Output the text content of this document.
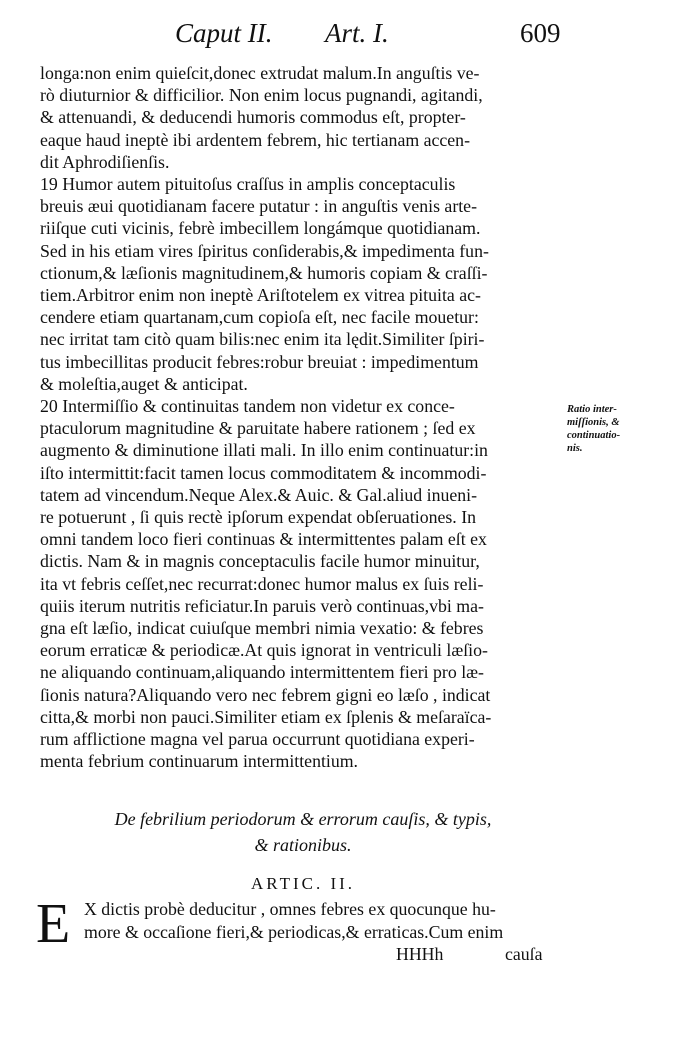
Caput II. Art. I.	609

longa:non enim quieſcit,donec extrudat malum.In anguſtis ve-

rò diuturnior & difficilior. Non enim locus pugnandi, agitandi,

& attenuandi, & deducendi humoris commodus eſt, propter-

eaque haud ineptè ibi ardentem febrem, hic tertianam accen-

dit Aphrodiſienſis.

19 Humor autem pituitoſus craſſus in amplis conceptaculis

breuis æui quotidianam facere putatur : in anguſtis venis arte-

riiſque cuti vicinis, febrè imbecillem longámque quotidianam.

Sed in his etiam vires ſpiritus conſiderabis,& impedimenta fun-

ctionum,& læſionis magnitudinem,& humoris copiam & craſſi-

tiem.Arbitror enim non ineptè Ariſtotelem ex vitrea pituita ac-

cendere etiam quartanam,cum copioſa eſt, nec facile mouetur:

nec irritat tam citò quam bilis:nec enim ita lędit.Similiter ſpiri-

tus imbecillitas producit febres:robur breuiat : impedimentum

& moleſtia,auget & anticipat.

20 Intermiſſio & continuitas tandem non videtur ex conce-

ptaculorum magnitudine & paruitate habere rationem ; ſed ex

augmento & diminutione illati mali. In illo enim continuatur:in

iſto intermittit:facit tamen locus commoditatem & incommodi-

tatem ad vincendum.Neque Alex.& Auic. & Gal.aliud inueni-

re potuerunt , ſi quis rectè ipſorum expendat obſeruationes. In

omni tandem loco fieri continuas & intermittentes palam eſt ex

dictis. Nam & in magnis conceptaculis facile humor minuitur,

ita vt febris ceſſet,nec recurrat:donec humor malus ex ſuis reli-

quiis iterum nutritis reficiatur.In paruis verò continuas,vbi ma-

gna eſt læſio, indicat cuiuſque membri nimia vexatio: & febres

eorum erraticæ & periodicæ.At quis ignorat in ventriculi læſio-

ne aliquando continuam,aliquando intermittentem fieri pro læ-

ſionis natura?Aliquando vero nec febrem gigni eo læſo , indicat

citta,& morbi non pauci.Similiter etiam ex ſplenis & meſaraïca-

rum afflictione magna vel parua occurrunt quotidiana experi-

menta febrium continuarum intermittentium.

Ratio inter-
miſſionis, &
continuatio-
nis.
De febrilium periodorum & errorum cauſis, & typis,
& rationibus.
ARTIC. II.
E X dictis probè deducitur , omnes febres ex quocunque hu-

more & occaſione fieri,& periodicas,& erraticas.Cum enim

HHHh	cauſa
